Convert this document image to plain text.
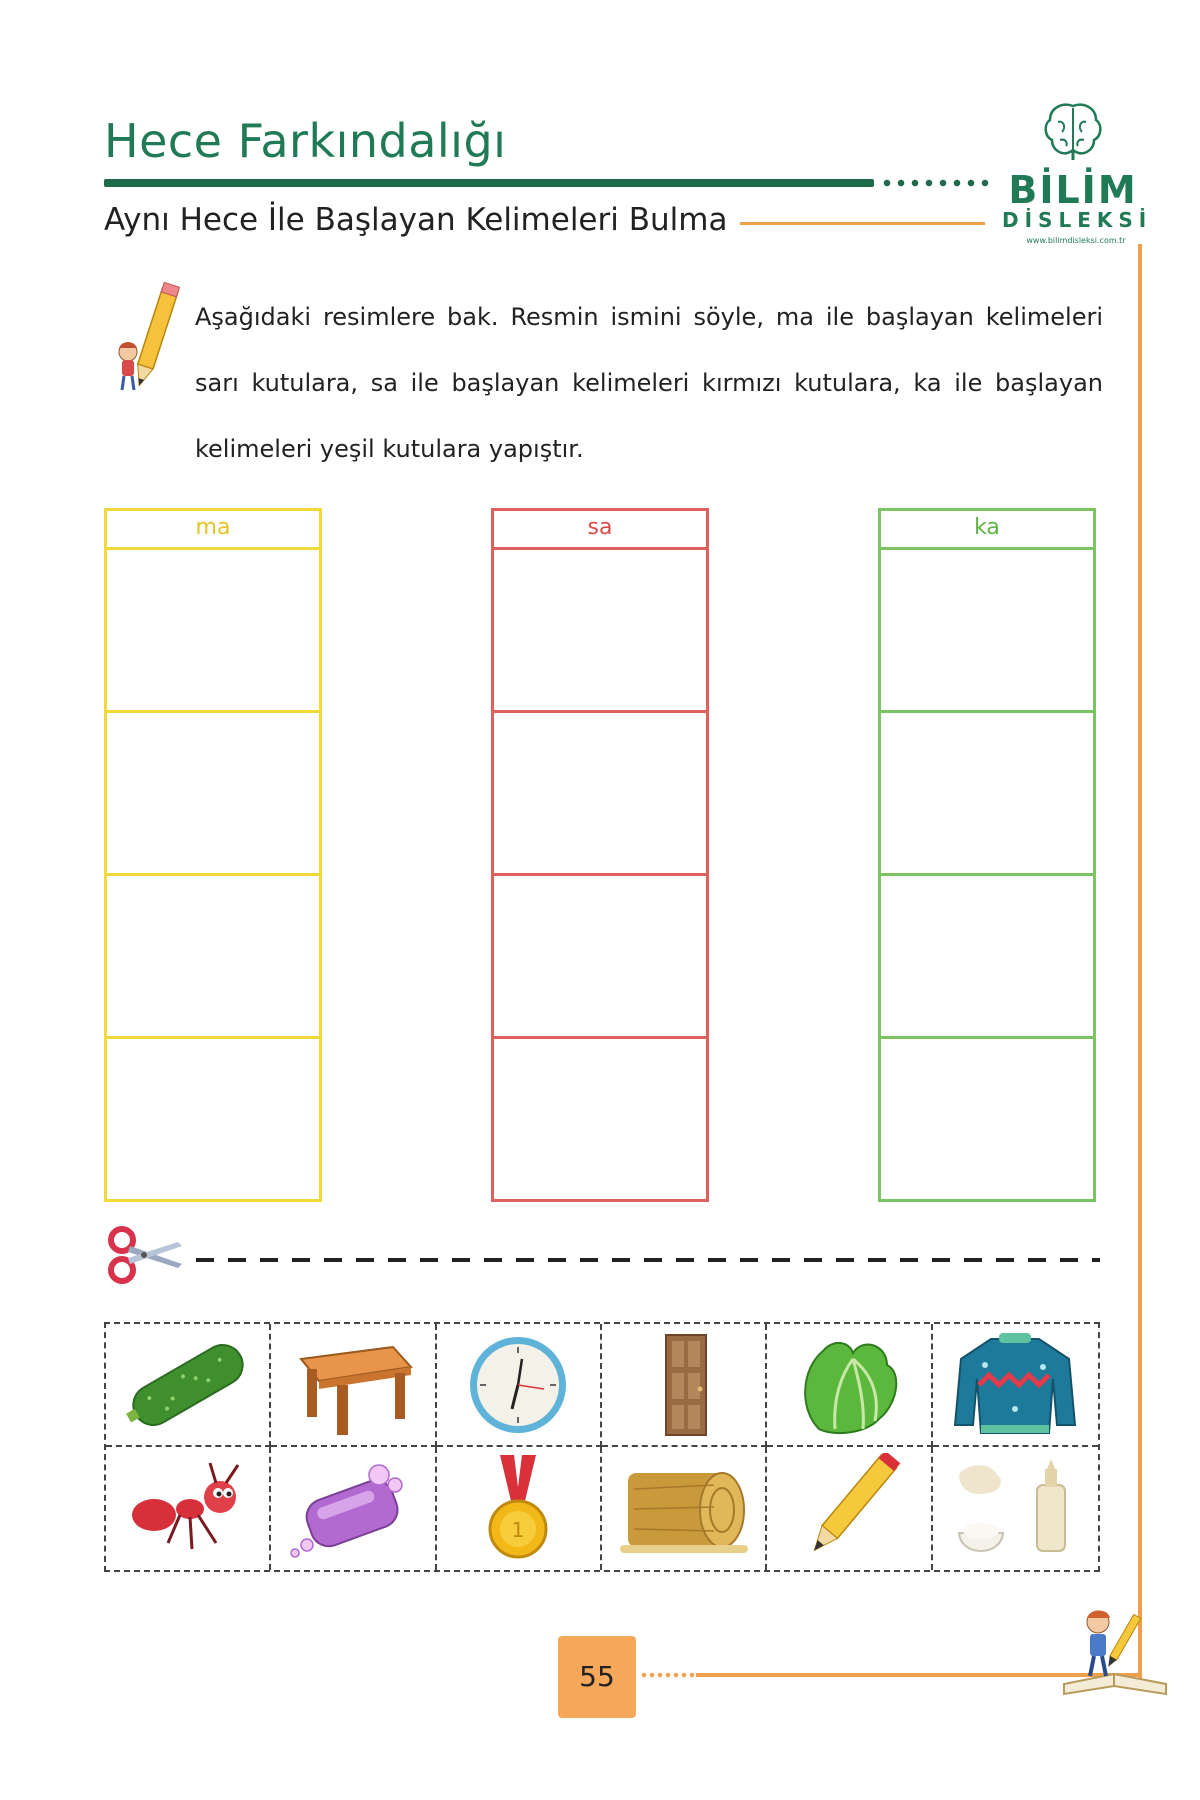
Hece Farkındalığı
Aynı Hece İle Başlayan Kelimeleri Bulma
BİLİM
DİSLEKSİ
www.bilimdisleksi.com.tr
Aşağıdaki resimlere bak. Resmin ismini söyle, ma ile başlayan kelimeleri sarı kutulara, sa ile başlayan kelimeleri kırmızı kutulara, ka ile başlayan kelimeleri yeşil kutulara yapıştır.
ma	sa	ka
1
55
